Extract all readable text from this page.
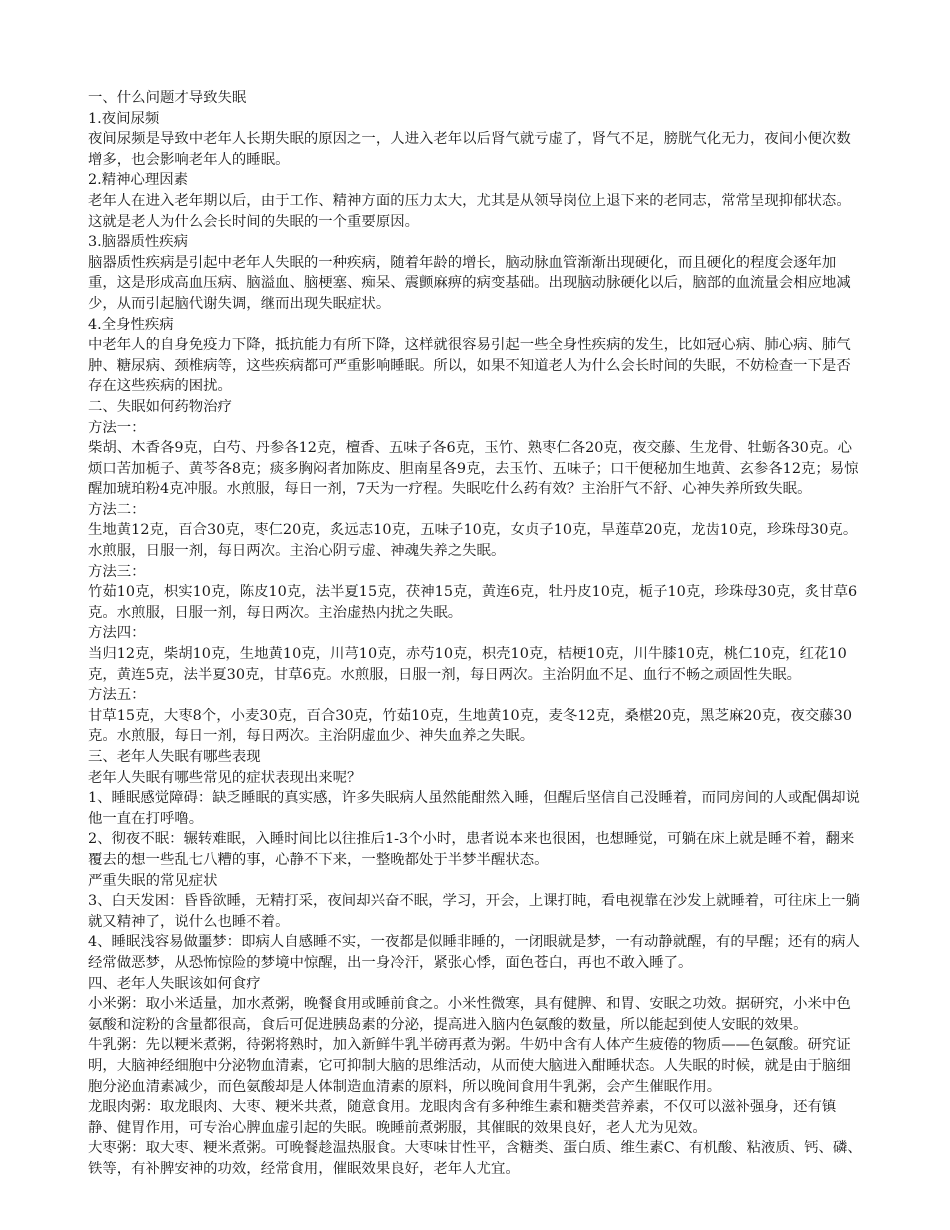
一、什么问题才导致失眠

1.夜间尿频

夜间尿频是导致中老年人长期失眠的原因之一，人进入老年以后肾气就亏虚了，肾气不足，膀胱气化无力，夜间小便次数增多，也会影响老年人的睡眠。

2.精神心理因素

老年人在进入老年期以后，由于工作、精神方面的压力太大，尤其是从领导岗位上退下来的老同志，常常呈现抑郁状态。这就是老人为什么会长时间的失眠的一个重要原因。

3.脑器质性疾病

脑器质性疾病是引起中老年人失眠的一种疾病，随着年龄的增长，脑动脉血管渐渐出现硬化，而且硬化的程度会逐年加重，这是形成高血压病、脑溢血、脑梗塞、痴呆、震颤麻痹的病变基础。出现脑动脉硬化以后，脑部的血流量会相应地减少，从而引起脑代谢失调，继而出现失眠症状。

4.全身性疾病

中老年人的自身免疫力下降，抵抗能力有所下降，这样就很容易引起一些全身性疾病的发生，比如冠心病、肺心病、肺气肿、糖尿病、颈椎病等，这些疾病都可严重影响睡眠。所以，如果不知道老人为什么会长时间的失眠，不妨检查一下是否存在这些疾病的困扰。

二、失眠如何药物治疗

方法一：

柴胡、木香各9克，白芍、丹参各12克，檀香、五味子各6克，玉竹、熟枣仁各20克，夜交藤、生龙骨、牡蛎各30克。心烦口苦加栀子、黄芩各8克；痰多胸闷者加陈皮、胆南星各9克，去玉竹、五味子；口干便秘加生地黄、玄参各12克；易惊醒加琥珀粉4克冲服。水煎服，每日一剂，7天为一疗程。失眠吃什么药有效？主治肝气不舒、心神失养所致失眠。

方法二：

生地黄12克，百合30克，枣仁20克，炙远志10克，五味子10克，女贞子10克，旱莲草20克，龙齿10克，珍珠母30克。水煎服，日服一剂，每日两次。主治心阴亏虚、神魂失养之失眠。

方法三：

竹茹10克，枳实10克，陈皮10克，法半夏15克，茯神15克，黄连6克，牡丹皮10克，栀子10克，珍珠母30克，炙甘草6克。水煎服，日服一剂，每日两次。主治虚热内扰之失眠。

方法四：

当归12克，柴胡10克，生地黄10克，川芎10克，赤芍10克，枳壳10克，桔梗10克，川牛膝10克，桃仁10克，红花10克，黄连5克，法半夏30克，甘草6克。水煎服，日服一剂，每日两次。主治阴血不足、血行不畅之顽固性失眠。

方法五：

甘草15克，大枣8个，小麦30克，百合30克，竹茹10克，生地黄10克，麦冬12克，桑椹20克，黑芝麻20克，夜交藤30克。水煎服，每日一剂，每日两次。主治阴虚血少、神失血养之失眠。

三、老年人失眠有哪些表现

老年人失眠有哪些常见的症状表现出来呢？

1、睡眠感觉障碍：缺乏睡眠的真实感，许多失眠病人虽然能酣然入睡，但醒后坚信自己没睡着，而同房间的人或配偶却说他一直在打呼噜。

2、彻夜不眠：辗转难眠，入睡时间比以往推后1-3个小时，患者说本来也很困，也想睡觉，可躺在床上就是睡不着，翻来覆去的想一些乱七八糟的事，心静不下来，一整晚都处于半梦半醒状态。

严重失眠的常见症状

3、白天发困：昏昏欲睡，无精打采，夜间却兴奋不眠，学习，开会，上课打盹，看电视靠在沙发上就睡着，可往床上一躺就又精神了，说什么也睡不着。

4、睡眠浅容易做噩梦：即病人自感睡不实，一夜都是似睡非睡的，一闭眼就是梦，一有动静就醒，有的早醒；还有的病人经常做恶梦，从恐怖惊险的梦境中惊醒，出一身冷汗，紧张心悸，面色苍白，再也不敢入睡了。

四、老年人失眠该如何食疗

小米粥：取小米适量，加水煮粥，晚餐食用或睡前食之。小米性微寒，具有健脾、和胃、安眠之功效。据研究，小米中色氨酸和淀粉的含量都很高，食后可促进胰岛素的分泌，提高进入脑内色氨酸的数量，所以能起到使人安眠的效果。

牛乳粥：先以粳米煮粥，待粥将熟时，加入新鲜牛乳半磅再煮为粥。牛奶中含有人体产生疲倦的物质——色氨酸。研究证明，大脑神经细胞中分泌物血清素，它可抑制大脑的思维活动，从而使大脑进入酣睡状态。人失眠的时候，就是由于脑细胞分泌血清素减少，而色氨酸却是人体制造血清素的原料，所以晚间食用牛乳粥，会产生催眠作用。

龙眼肉粥：取龙眼肉、大枣、粳米共煮，随意食用。龙眼肉含有多种维生素和糖类营养素，不仅可以滋补强身，还有镇静、健胃作用，可专治心脾血虚引起的失眠。晚睡前煮粥服，其催眠的效果良好，老人尤为见效。

大枣粥：取大枣、粳米煮粥。可晚餐趁温热服食。大枣味甘性平，含糖类、蛋白质、维生素C、有机酸、粘液质、钙、磷、铁等，有补脾安神的功效，经常食用，催眠效果良好，老年人尤宜。
